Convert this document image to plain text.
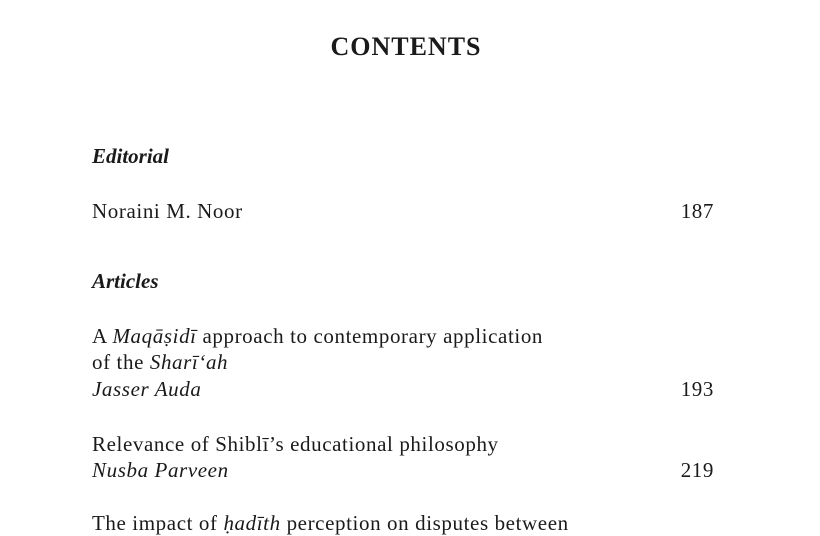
CONTENTS
Editorial
Noraini M. Noor	187
Articles
A Maqāṣidī approach to contemporary application
of the Sharī‘ah
Jasser Auda	193
Relevance of Shiblī’s educational philosophy
Nusba Parveen	219
The impact of ḥadīth perception on disputes between
